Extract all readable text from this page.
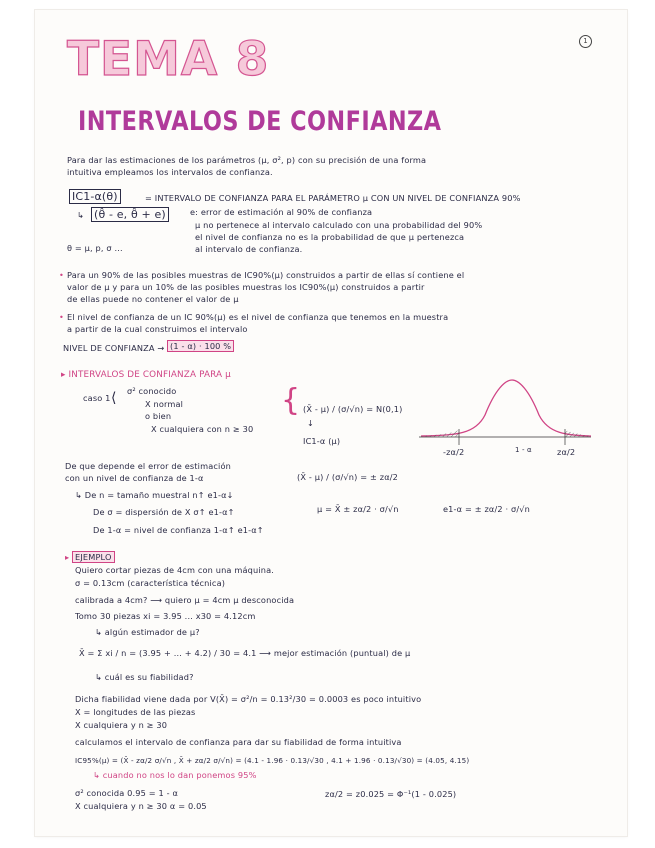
1
TEMA 8
INTERVALOS DE CONFIANZA
Para dar las estimaciones de los parámetros (μ, σ², p) con su precisión de una forma
intuitiva empleamos los intervalos de confianza.
IC1-α(θ)	= INTERVALO DE CONFIANZA PARA EL PARÁMETRO μ CON UN NIVEL DE CONFIANZA 90%
↳ (θ̂ - e, θ̂ + e)	e: error de estimación al 90% de confianza
μ no pertenece al intervalo calculado con una probabilidad del 90%
el nivel de confianza no es la probabilidad de que μ pertenezca
al intervalo de confianza.
θ = μ, p, σ ...
• Para un 90% de las posibles muestras de IC90%(μ) construidos a partir de ellas sí contiene el
valor de μ y para un 10% de las posibles muestras los IC90%(μ) construidos a partir
de ellas puede no contener el valor de μ
• El nivel de confianza de un IC 90%(μ) es el nivel de confianza que tenemos en la muestra
a partir de la cual construimos el intervalo
NIVEL DE CONFIANZA → (1 - α) · 100 %
▸ INTERVALOS DE CONFIANZA PARA μ
caso 1 ⟨ σ² conocido
X normal
o bien
X cualquiera con n ≥ 30
{ (X̄ - μ) / (σ/√n) = N(0,1)
↓
IC1-α (μ)
(X̄ - μ) / (σ/√n) = ± zα/2
-zα/2	1 - α	zα/2
De que depende el error de estimación
con un nivel de confianza de 1-α
↳ De n = tamaño muestral n↑ e1-α↓
De σ = dispersión de X σ↑ e1-α↑
De 1-α = nivel de confianza 1-α↑ e1-α↑
μ = X̄ ± zα/2 · σ/√n	e1-α = ± zα/2 · σ/√n
▸ EJEMPLO
Quiero cortar piezas de 4cm con una máquina.
σ = 0.13cm (característica técnica)
calibrada a 4cm? ⟶ quiero μ = 4cm μ desconocida
Tomo 30 piezas xi = 3.95 ... x30 = 4.12cm
↳ algún estimador de μ?
X̄ = Σ xi / n = (3.95 + ... + 4.2) / 30 = 4.1 ⟶ mejor estimación (puntual) de μ
↳ cuál es su fiabilidad?
Dicha fiabilidad viene dada por V(X̄) = σ²/n = 0.13²/30 = 0.0003 es poco intuitivo
X = longitudes de las piezas
X cualquiera y n ≥ 30
calculamos el intervalo de confianza para dar su fiabilidad de forma intuitiva
IC95%(μ) = (X̄ - zα/2 σ/√n , X̄ + zα/2 σ/√n) = (4.1 - 1.96 · 0.13/√30 , 4.1 + 1.96 · 0.13/√30) = (4.05, 4.15)
↳ cuando no nos lo dan ponemos 95%
σ² conocida 0.95 = 1 - α
X cualquiera y n ≥ 30 α = 0.05
zα/2 = z0.025 = Φ⁻¹(1 - 0.025)
